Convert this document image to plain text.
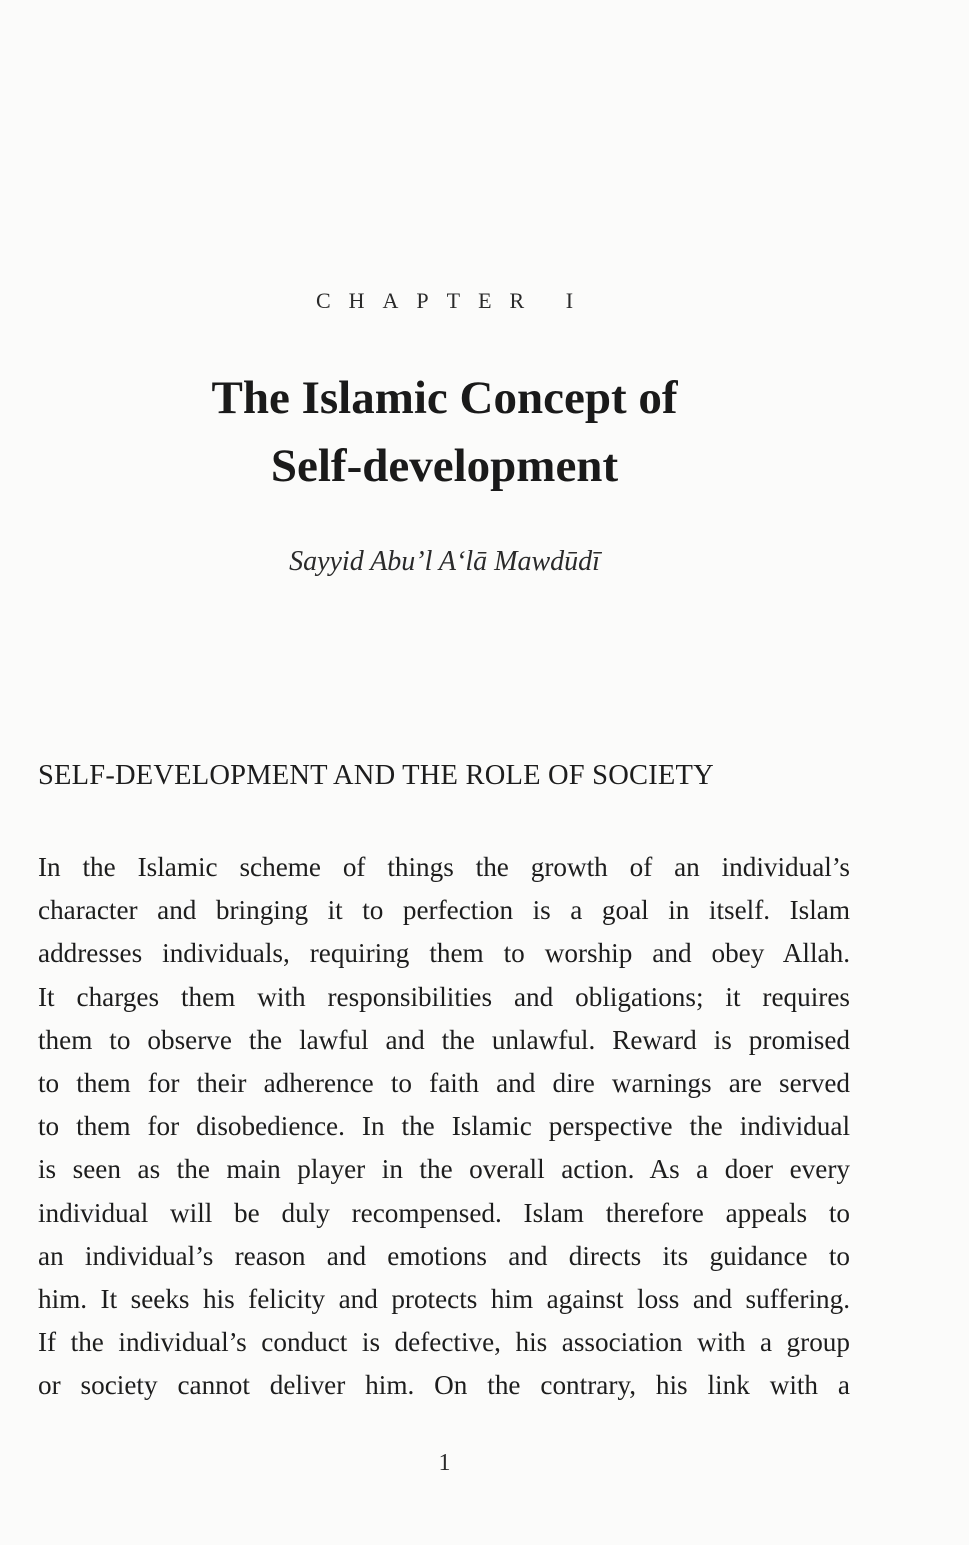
CHAPTER I
The Islamic Concept of
Self-development
Sayyid Abu’l A‘lā Mawdūdī
SELF-DEVELOPMENT AND THE ROLE OF SOCIETY
In the Islamic scheme of things the growth of an individual’s
character and bringing it to perfection is a goal in itself. Islam
addresses individuals, requiring them to worship and obey Allah.
It charges them with responsibilities and obligations; it requires
them to observe the lawful and the unlawful. Reward is promised
to them for their adherence to faith and dire warnings are served
to them for disobedience. In the Islamic perspective the individual
is seen as the main player in the overall action. As a doer every
individual will be duly recompensed. Islam therefore appeals to
an individual’s reason and emotions and directs its guidance to
him. It seeks his felicity and protects him against loss and suffering.
If the individual’s conduct is defective, his association with a group
or society cannot deliver him. On the contrary, his link with a
1
